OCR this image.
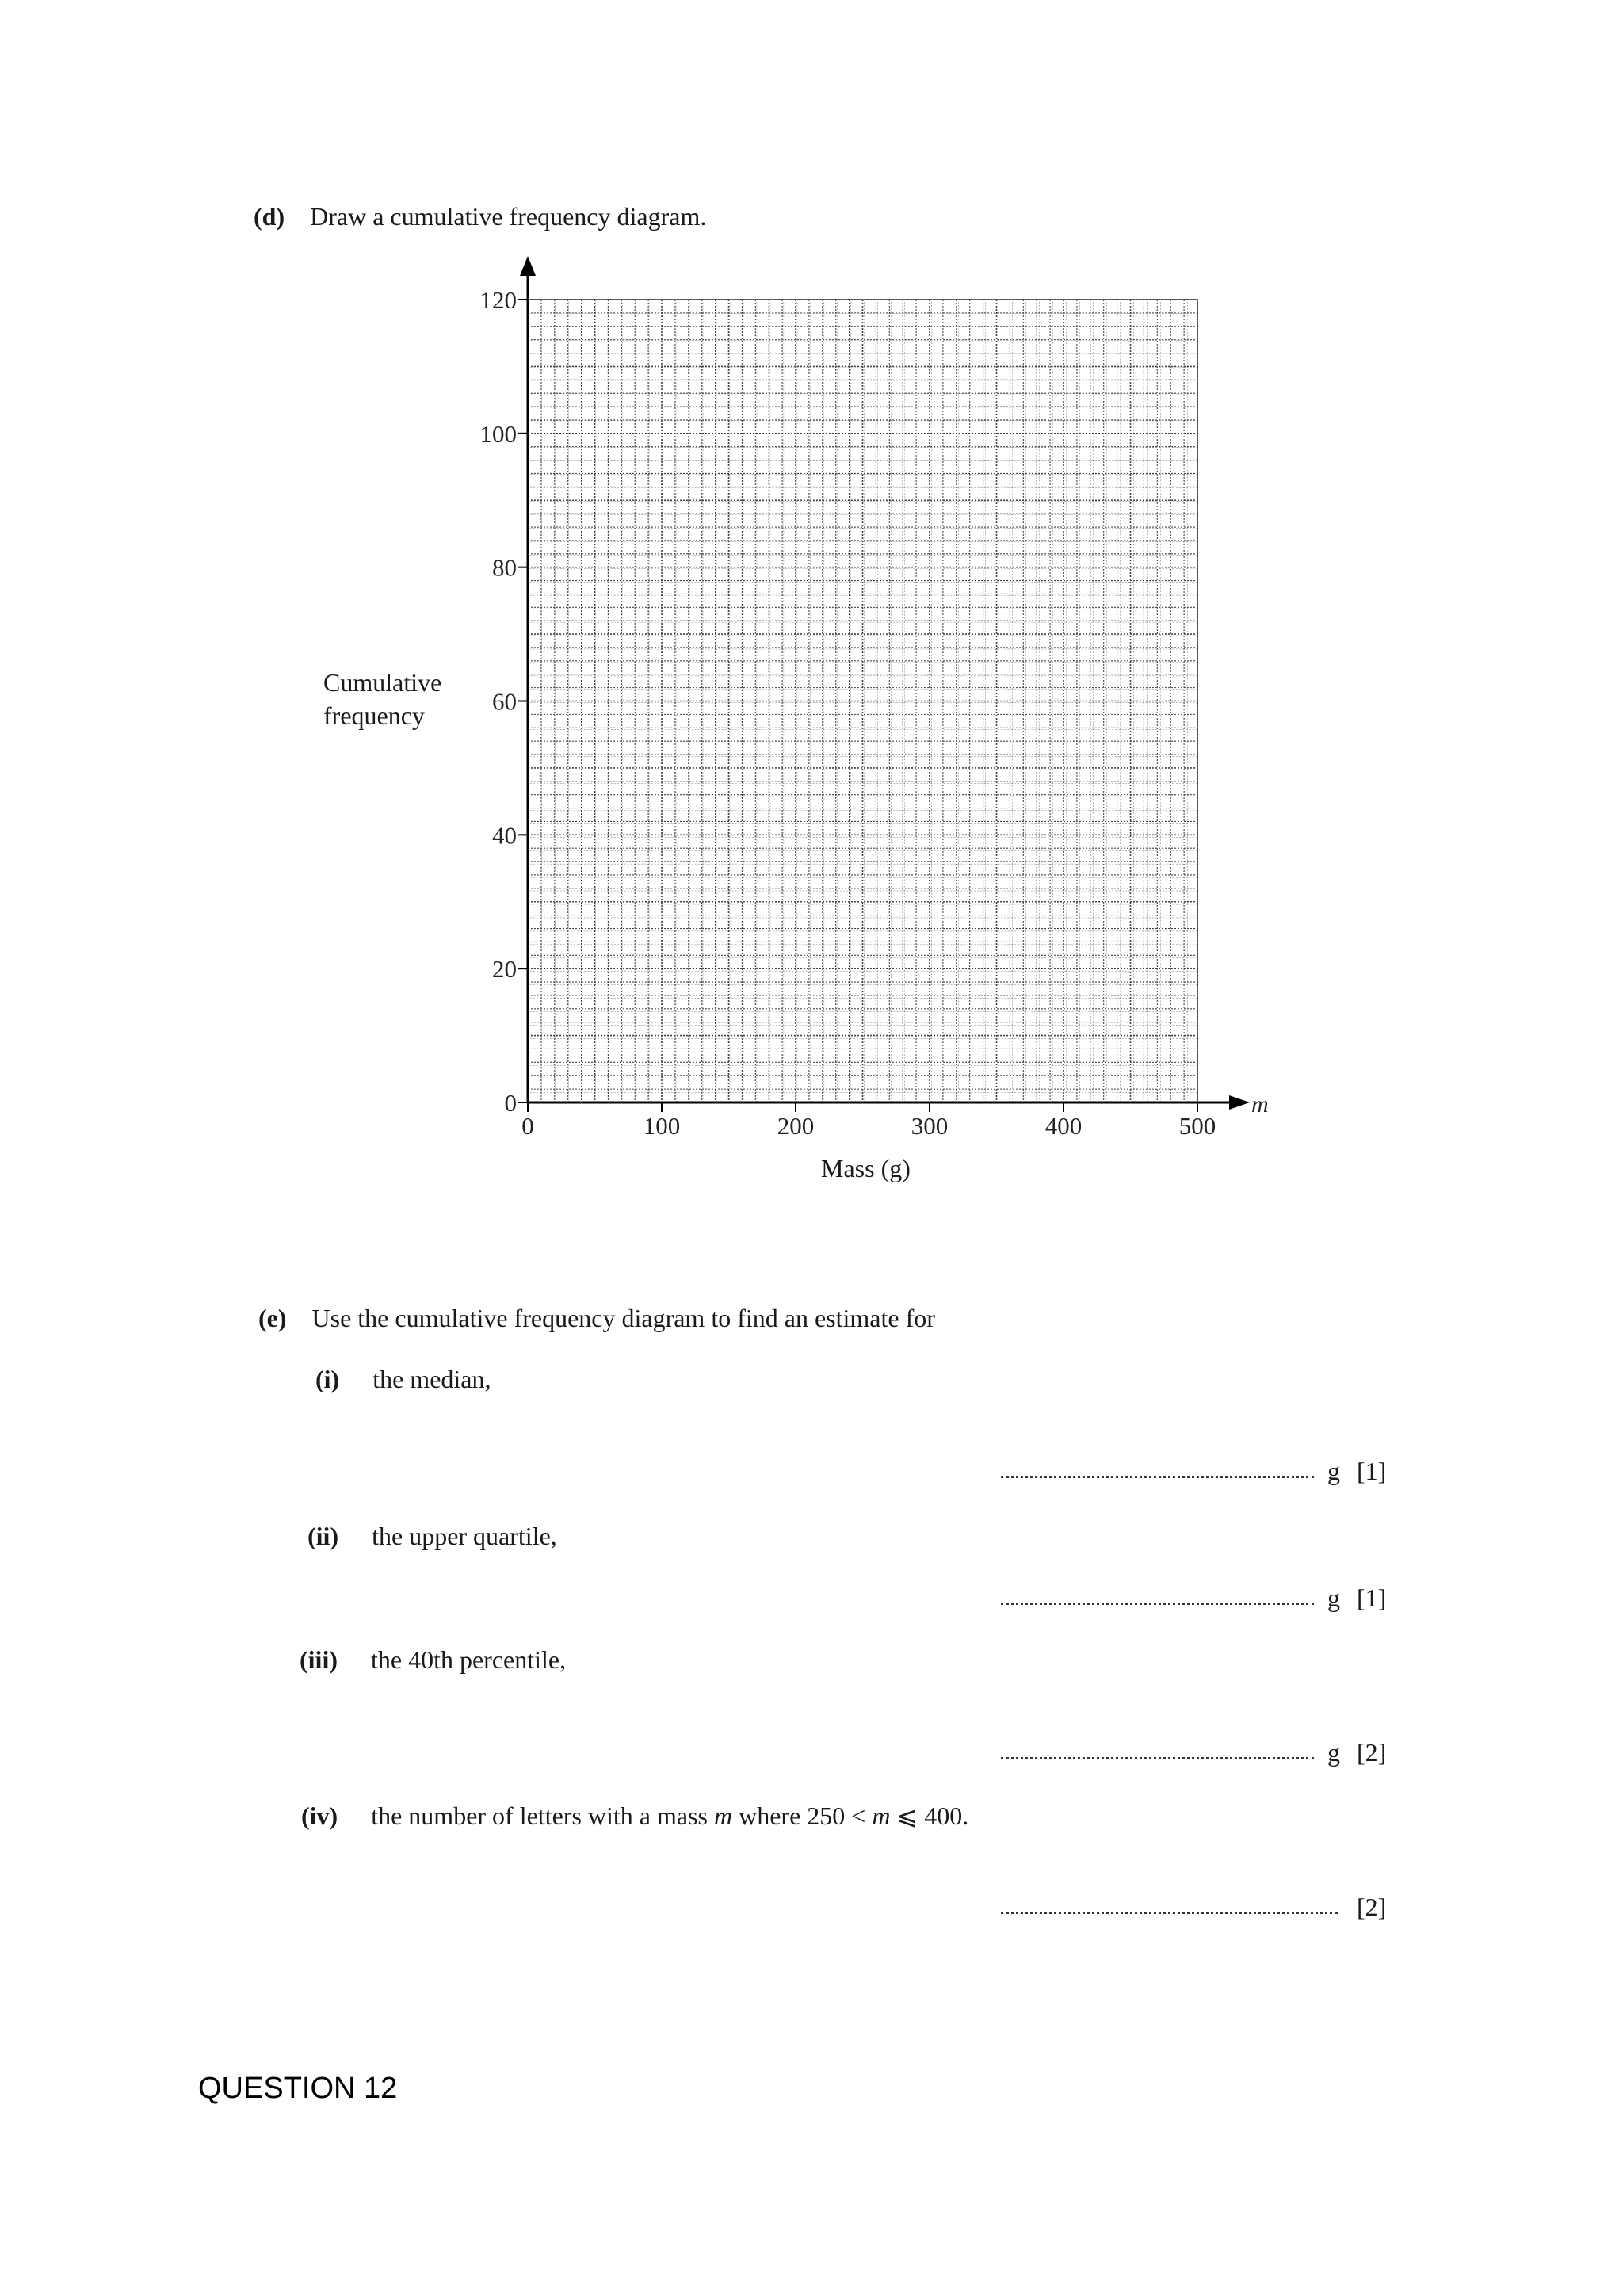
(d) Draw a cumulative frequency diagram.
Cumulative
frequency
0
20
40
60
80
100
120
0	100	200	300	400	500
m
Mass (g)
(e) Use the cumulative frequency diagram to find an estimate for
(i) the median,
g [1]
(ii) the upper quartile,
g [1]
(iii) the 40th percentile,
g [2]
(iv) the number of letters with a mass m where 250 < m ⩽ 400.
[2]
QUESTION 12
